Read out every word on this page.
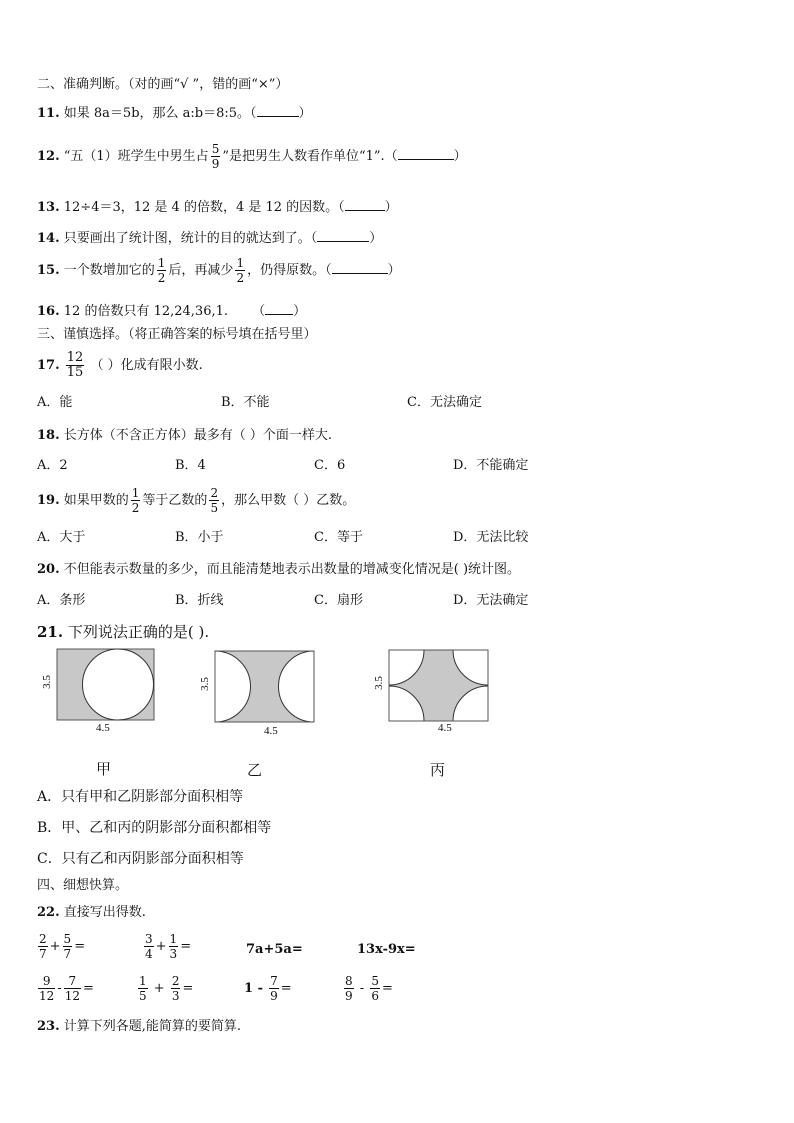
二、准确判断。（对的画“√ ”，错的画“×”）
11. 如果 8a＝5b，那么 a:b＝8:5。（	）
12. “五（1）班学生中男生占 $\frac{5}{9}$ ”是把男生人数看作单位“1”.（	）
13. 12÷4＝3，12 是 4 的倍数，4 是 12 的因数。（	）
14. 只要画出了统计图，统计的目的就达到了。（	）
15. 一个数增加它的 $\frac{1}{2}$ 后，再减少 $\frac{1}{2}$ ，仍得原数。（	）
16. 12 的倍数只有 12,24,36,1. （ ）
三、谨慎选择。（将正确答案的标号填在括号里）
17. $\frac{12}{15}$ （ ）化成有限小数.
A．能	B．不能	C．无法确定
18. 长方体（不含正方体）最多有（ ）个面一样大.
A．2	B．4	C．6	D．不能确定
19. 如果甲数的 $\frac{1}{2}$ 等于乙数的 $\frac{2}{5}$ ，那么甲数（ ）乙数。
A．大于	B．小于	C．等于	D．无法比较
20. 不但能表示数量的多少，而且能清楚地表示出数量的增减变化情况是( )统计图。
A．条形	B．折线	C．扇形	D．无法确定
21. 下列说法正确的是( ).
3.5
4.5
甲
3.5
4.5
乙
3.5
4.5
丙
A．只有甲和乙阴影部分面积相等
B．甲、乙和丙的阴影部分面积都相等
C．只有乙和丙阴影部分面积相等
四、细想快算。
22. 直接写出得数.
$\frac{2}{7} + \frac{5}{7}$ =	$\frac{3}{4} + \frac{1}{3}$ =	7a+5a=	13x-9x=
$\frac{9}{12} - \frac{7}{12}$ =	$\frac{1}{5} + \frac{2}{3}$ =	$1 - \frac{7}{9}$ =	$\frac{8}{9} - \frac{5}{6}$ =
23. 计算下列各题,能简算的要简算.
